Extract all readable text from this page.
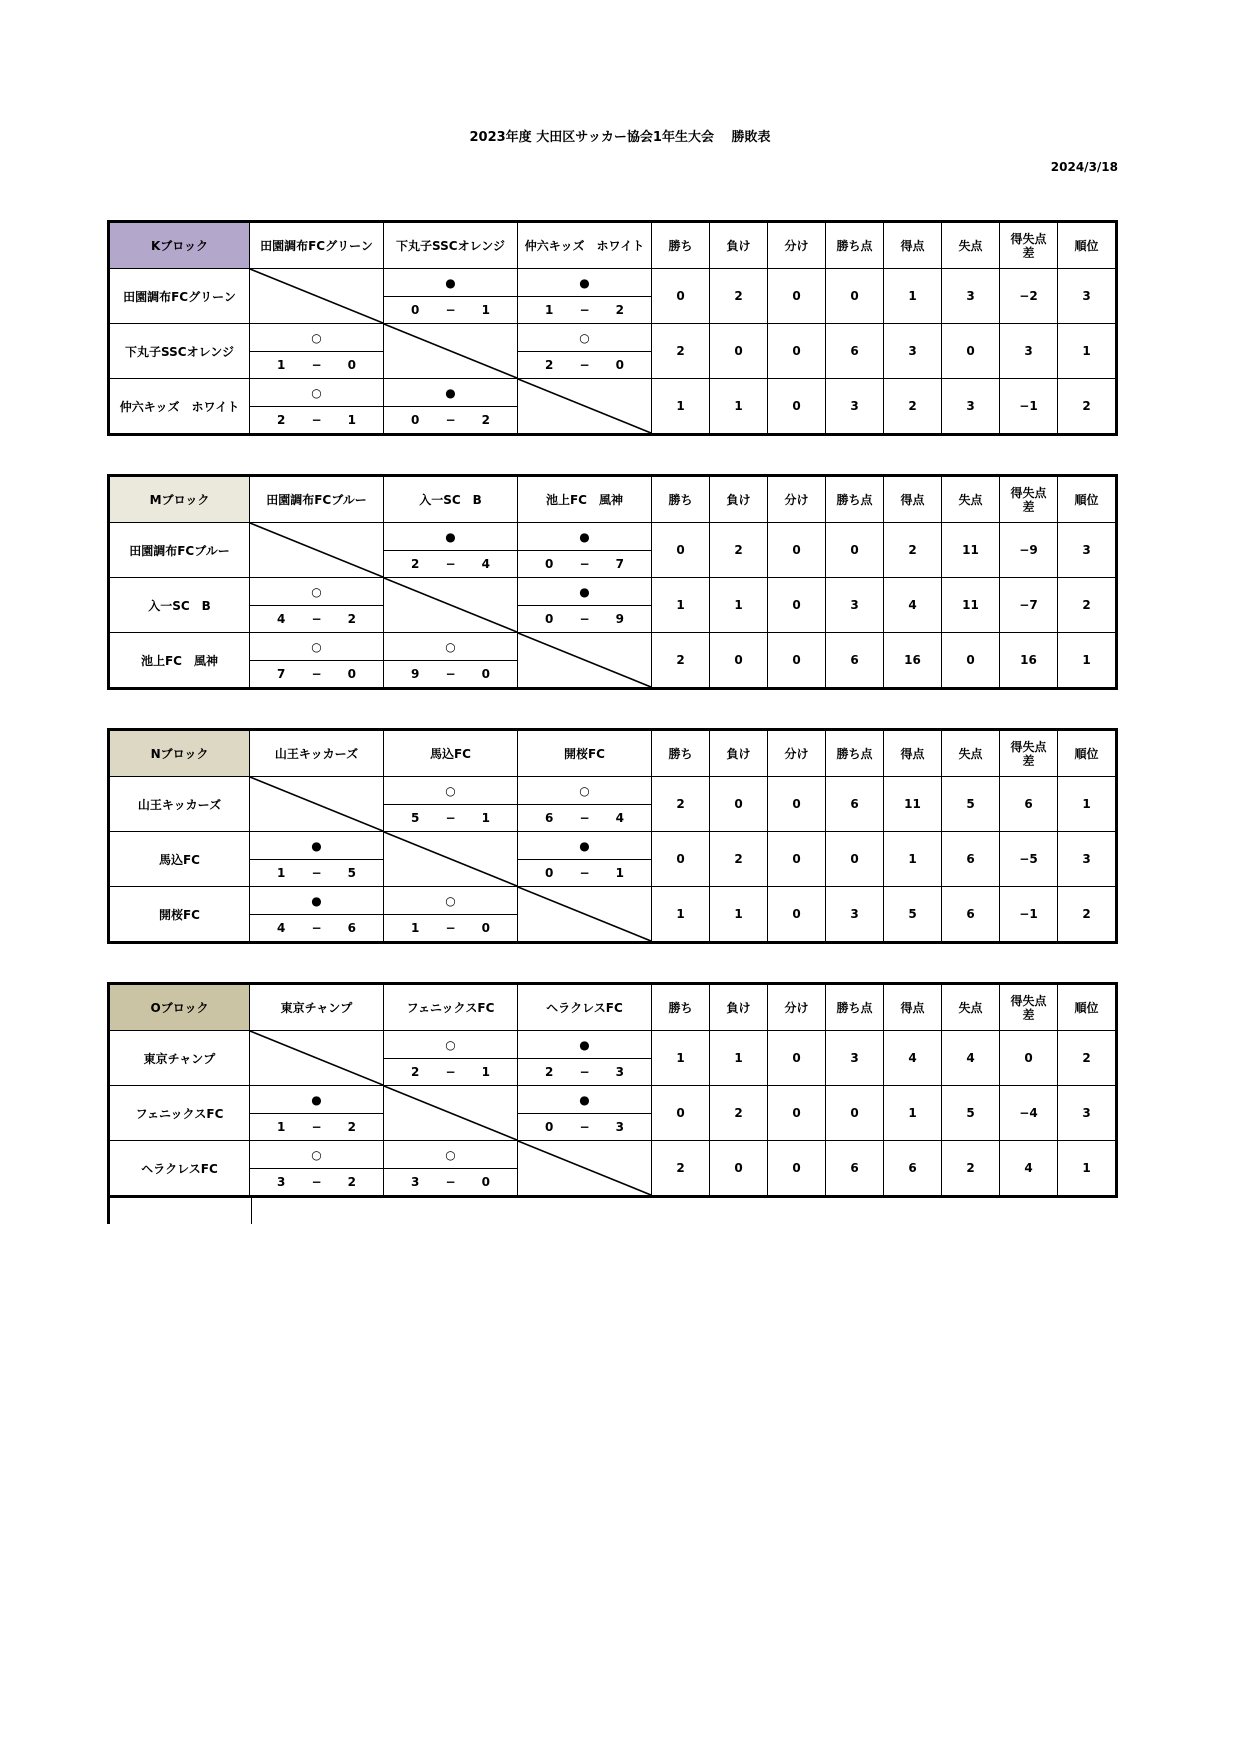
2023年度 大田区サッカー協会1年生大会　 勝敗表
2024/3/18
Kブロック	田園調布FCグリーン	下丸子SSCオレンジ	仲六キッズ　ホワイト	勝ち	負け	分け	勝ち点	得点	失点	得失点差	順位
田園調布FCグリーン		●	●	0	2	0	0	1	3	−2	3

		0 − 1	1 − 2								

下丸子SSCオレンジ	○		○	2	0	0	6	3	0	3	1

	1 − 0		2 − 0								

仲六キッズ　ホワイト	○	●		1	1	0	3	2	3	−1	2

	2 − 1	0 − 2									
Mブロック	田園調布FCブルー	入一SC　B	池上FC　風神	勝ち	負け	分け	勝ち点	得点	失点	得失点差	順位
田園調布FCブルー		●	●	0	2	0	0	2	11	−9	3

		2 − 4	0 − 7								

入一SC　B	○		●	1	1	0	3	4	11	−7	2

	4 − 2		0 − 9								

池上FC　風神	○	○		2	0	0	6	16	0	16	1

	7 − 0	9 − 0									
Nブロック	山王キッカーズ	馬込FC	開桜FC	勝ち	負け	分け	勝ち点	得点	失点	得失点差	順位
山王キッカーズ		○	○	2	0	0	6	11	5	6	1

		5 − 1	6 − 4								

馬込FC	●		●	0	2	0	0	1	6	−5	3

	1 − 5		0 − 1								

開桜FC	●	○		1	1	0	3	5	6	−1	2

	4 − 6	1 − 0									
Oブロック	東京チャンプ	フェニックスFC	ヘラクレスFC	勝ち	負け	分け	勝ち点	得点	失点	得失点差	順位
東京チャンプ		○	●	1	1	0	3	4	4	0	2

		2 − 1	2 − 3								

フェニックスFC	●		●	0	2	0	0	1	5	−4	3

	1 − 2		0 − 3								

ヘラクレスFC	○	○		2	0	0	6	6	2	4	1

	3 − 2	3 − 0									
